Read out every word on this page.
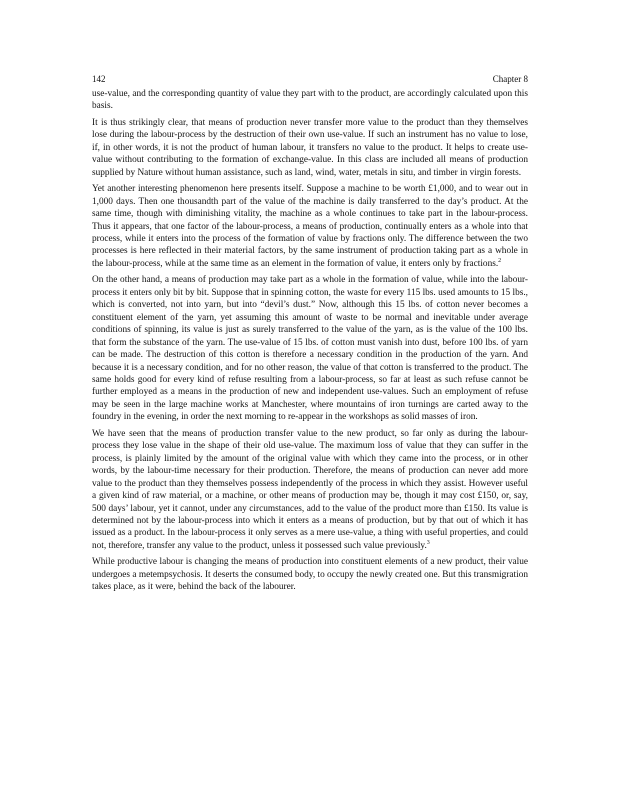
142	Chapter 8

use-value, and the corresponding quantity of value they part with to the product, are accordingly calculated upon this basis.

It is thus strikingly clear, that means of production never transfer more value to the product than they themselves lose during the labour-process by the destruction of their own use-value. If such an instrument has no value to lose, if, in other words, it is not the product of human labour, it transfers no value to the product. It helps to create use-value without contributing to the formation of exchange-value. In this class are included all means of production supplied by Nature without human assistance, such as land, wind, water, metals in situ, and timber in virgin forests.

Yet another interesting phenomenon here presents itself. Suppose a machine to be worth £1,000, and to wear out in 1,000 days. Then one thousandth part of the value of the machine is daily transferred to the day’s product. At the same time, though with diminishing vitality, the machine as a whole continues to take part in the labour-process. Thus it appears, that one factor of the labour-process, a means of production, continually enters as a whole into that process, while it enters into the process of the formation of value by fractions only. The difference between the two processes is here reflected in their material factors, by the same instrument of production taking part as a whole in the labour-process, while at the same time as an element in the formation of value, it enters only by fractions.$^2$

On the other hand, a means of production may take part as a whole in the formation of value, while into the labour-process it enters only bit by bit. Suppose that in spinning cotton, the waste for every 115 lbs. used amounts to 15 lbs., which is converted, not into yarn, but into “devil’s dust.” Now, although this 15 lbs. of cotton never becomes a constituent element of the yarn, yet assuming this amount of waste to be normal and inevitable under average conditions of spinning, its value is just as surely transferred to the value of the yarn, as is the value of the 100 lbs. that form the substance of the yarn. The use-value of 15 lbs. of cotton must vanish into dust, before 100 lbs. of yarn can be made. The destruction of this cotton is therefore a necessary condition in the production of the yarn. And because it is a necessary condition, and for no other reason, the value of that cotton is transferred to the product. The same holds good for every kind of refuse resulting from a labour-process, so far at least as such refuse cannot be further employed as a means in the production of new and independent use-values. Such an employment of refuse may be seen in the large machine works at Manchester, where mountains of iron turnings are carted away to the foundry in the evening, in order the next morning to re-appear in the workshops as solid masses of iron.

We have seen that the means of production transfer value to the new product, so far only as during the labour-process they lose value in the shape of their old use-value. The maximum loss of value that they can suffer in the process, is plainly limited by the amount of the original value with which they came into the process, or in other words, by the labour-time necessary for their production. Therefore, the means of production can never add more value to the product than they themselves possess independently of the process in which they assist. However useful a given kind of raw material, or a machine, or other means of production may be, though it may cost £150, or, say, 500 days’ labour, yet it cannot, under any circumstances, add to the value of the product more than £150. Its value is determined not by the labour-process into which it enters as a means of production, but by that out of which it has issued as a product. In the labour-process it only serves as a mere use-value, a thing with useful properties, and could not, therefore, transfer any value to the product, unless it possessed such value previously.$^3$

While productive labour is changing the means of production into constituent elements of a new product, their value undergoes a metempsychosis. It deserts the consumed body, to occupy the newly created one. But this transmigration takes place, as it were, behind the back of the labourer.
